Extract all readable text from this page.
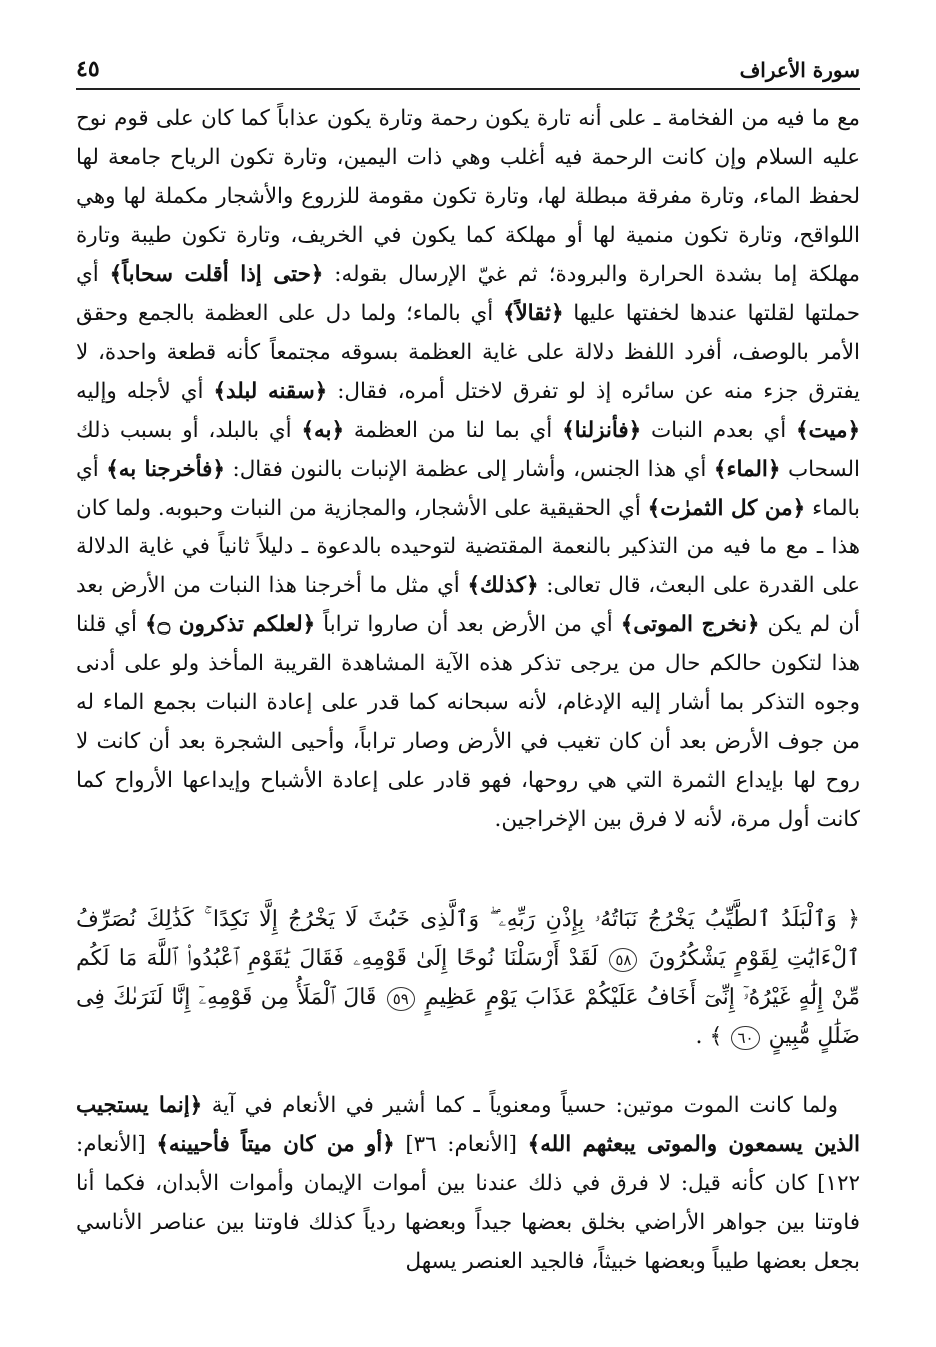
سورة الأعراف
٤٥

مع ما فيه من الفخامة ـ على أنه تارة يكون رحمة وتارة يكون عذاباً كما كان على قوم نوح عليه السلام وإن كانت الرحمة فيه أغلب وهي ذات اليمين، وتارة تكون الرياح جامعة لها لحفظ الماء، وتارة مفرقة مبطلة لها، وتارة تكون مقومة للزروع والأشجار مكملة لها وهي اللواقح، وتارة تكون منمية لها أو مهلكة كما يكون في الخريف، وتارة تكون طيبة وتارة مهلكة إما بشدة الحرارة والبرودة؛ ثم غيّ الإرسال بقوله: ﴿حتى إذا أقلت سحاباً﴾ أي حملتها لقلتها عندها لخفتها عليها ﴿ثقالاً﴾ أي بالماء؛ ولما دل على العظمة بالجمع وحقق الأمر بالوصف، أفرد اللفظ دلالة على غاية العظمة بسوقه مجتمعاً كأنه قطعة واحدة، لا يفترق جزء منه عن سائره إذ لو تفرق لاختل أمره، فقال: ﴿سقنه لبلد﴾ أي لأجله وإليه ﴿ميت﴾ أي بعدم النبات ﴿فأنزلنا﴾ أي بما لنا من العظمة ﴿به﴾ أي بالبلد، أو بسبب ذلك السحاب ﴿الماء﴾ أي هذا الجنس، وأشار إلى عظمة الإنبات بالنون فقال: ﴿فأخرجنا به﴾ أي بالماء ﴿من كل الثمرٰت﴾ أي الحقيقية على الأشجار، والمجازية من النبات وحبوبه. ولما كان هذا ـ مع ما فيه من التذكير بالنعمة المقتضية لتوحيده بالدعوة ـ دليلاً ثانياً في غاية الدلالة على القدرة على البعث، قال تعالى: ﴿كذلك﴾ أي مثل ما أخرجنا هذا النبات من الأرض بعد أن لم يكن ﴿نخرج الموتى﴾ أي من الأرض بعد أن صاروا تراباً ﴿لعلكم تذكرون ۝﴾ أي قلنا هذا لتكون حالكم حال من يرجى تذكر هذه الآية المشاهدة القريبة المأخذ ولو على أدنى وجوه التذكر بما أشار إليه الإدغام، لأنه سبحانه كما قدر على إعادة النبات بجمع الماء له من جوف الأرض بعد أن كان تغيب في الأرض وصار تراباً، وأحيى الشجرة بعد أن كانت لا روح لها بإيداع الثمرة التي هي روحها، فهو قادر على إعادة الأشباح وإيداعها الأرواح كما كانت أول مرة، لأنه لا فرق بين الإخراجين.

﴿ وَٱلْبَلَدُ ٱلطَّيِّبُ يَخْرُجُ نَبَاتُهُۥ بِإِذْنِ رَبِّهِۦ ۖ وَٱلَّذِى خَبُثَ لَا يَخْرُجُ إِلَّا نَكِدًا ۚ كَذَٰلِكَ نُصَرِّفُ ٱلْءَايَٰتِ لِقَوْمٍ يَشْكُرُونَ ٥٨ لَقَدْ أَرْسَلْنَا نُوحًا إِلَىٰ قَوْمِهِۦ فَقَالَ يَٰقَوْمِ ٱعْبُدُوا۟ ٱللَّهَ مَا لَكُم مِّنْ إِلَٰهٍ غَيْرُهُۥٓ إِنِّىٓ أَخَافُ عَلَيْكُمْ عَذَابَ يَوْمٍ عَظِيمٍ ٥٩ قَالَ ٱلْمَلَأُ مِن قَوْمِهِۦٓ إِنَّا لَنَرَىٰكَ فِى ضَلَٰلٍ مُّبِينٍ ٦٠ ﴾ .

ولما كانت الموت موتين: حسياً ومعنوياً ـ كما أشير في الأنعام في آية ﴿إنما يستجيب الذين يسمعون والموتى يبعثهم الله﴾ [الأنعام: ٣٦] ﴿أو من كان ميتاً فأحيينه﴾ [الأنعام: ١٢٢] كان كأنه قيل: لا فرق في ذلك عندنا بين أموات الإيمان وأموات الأبدان، فكما أنا فاوتنا بين جواهر الأراضي بخلق بعضها جيداً وبعضها ردياً كذلك فاوتنا بين عناصر الأناسي بجعل بعضها طيباً وبعضها خبيثاً، فالجيد العنصر يسهل
